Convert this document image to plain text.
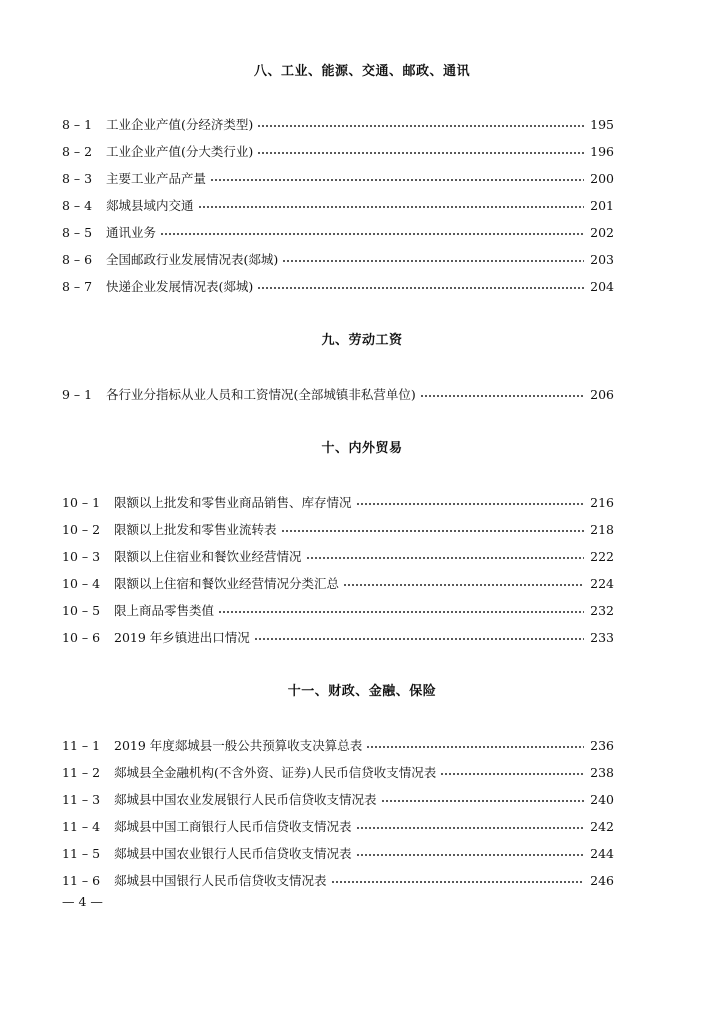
八、工业、能源、交通、邮政、通讯
8 – 1	工业企业产值(分经济类型)	195
8 – 2	工业企业产值(分大类行业)	196
8 – 3	主要工业产品产量	200
8 – 4	郯城县域内交通	201
8 – 5	通讯业务	202
8 – 6	全国邮政行业发展情况表(郯城)	203
8 – 7	快递企业发展情况表(郯城)	204
九、劳动工资
9 – 1	各行业分指标从业人员和工资情况(全部城镇非私营单位)	206
十、内外贸易
10 – 1	限额以上批发和零售业商品销售、库存情况	216
10 – 2	限额以上批发和零售业流转表	218
10 – 3	限额以上住宿业和餐饮业经营情况	222
10 – 4	限额以上住宿和餐饮业经营情况分类汇总	224
10 – 5	限上商品零售类值	232
10 – 6	2019 年乡镇进出口情况	233
十一、财政、金融、保险
11 – 1	2019 年度郯城县一般公共预算收支决算总表	236
11 – 2	郯城县全金融机构(不含外资、证券)人民币信贷收支情况表	238
11 – 3	郯城县中国农业发展银行人民币信贷收支情况表	240
11 – 4	郯城县中国工商银行人民币信贷收支情况表	242
11 – 5	郯城县中国农业银行人民币信贷收支情况表	244
11 – 6	郯城县中国银行人民币信贷收支情况表	246
— 4 —
